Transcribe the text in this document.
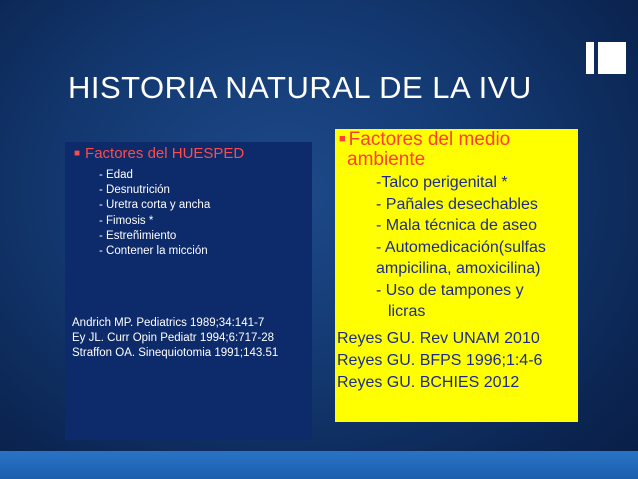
HISTORIA NATURAL DE LA IVU
■ Factores del HUESPED
- Edad
- Desnutrición
- Uretra corta y ancha
- Fimosis *
- Estreñimiento
- Contener la micción
Andrich MP. Pediatrics 1989;34:141-7
Ey JL. Curr Opin Pediatr 1994;6:717-28
Straffon OA. Sinequiotomia 1991;143.51
■ Factores del medio
ambiente
-Talco perigenital *
- Pañales desechables
- Mala técnica de aseo
- Automedicación(sulfas
ampicilina, amoxicilina)
- Uso de tampones y
licras
Reyes GU. Rev UNAM 2010
Reyes GU. BFPS 1996;1:4-6
Reyes GU. BCHIES 2012
